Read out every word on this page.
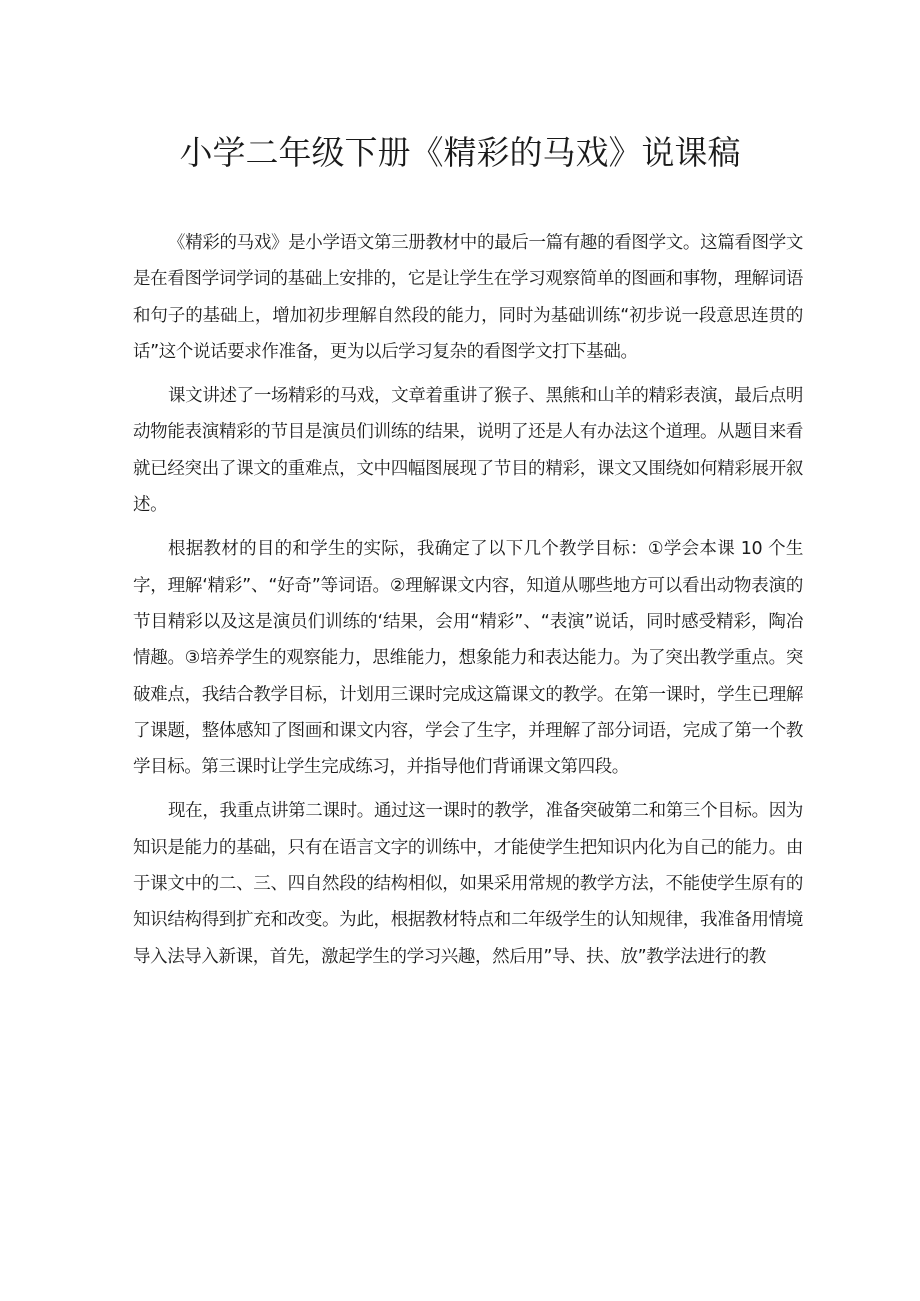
小学二年级下册《精彩的马戏》说课稿

《精彩的马戏》是小学语文第三册教材中的最后一篇有趣的看图学文。这篇看图学文是在看图学词学词的基础上安排的，它是让学生在学习观察简单的图画和事物，理解词语和句子的基础上，增加初步理解自然段的能力，同时为基础训练“初步说一段意思连贯的话”这个说话要求作准备，更为以后学习复杂的看图学文打下基础。

课文讲述了一场精彩的马戏，文章着重讲了猴子、黑熊和山羊的精彩表演，最后点明动物能表演精彩的节目是演员们训练的结果，说明了还是人有办法这个道理。从题目来看就已经突出了课文的重难点，文中四幅图展现了节目的精彩，课文又围绕如何精彩展开叙述。

根据教材的目的和学生的实际，我确定了以下几个教学目标：①学会本课 10 个生字，理解‘精彩”、“好奇”等词语。②理解课文内容，知道从哪些地方可以看出动物表演的节目精彩以及这是演员们训练的‘结果，会用“精彩”、“表演”说话，同时感受精彩，陶冶情趣。③培养学生的观察能力，思维能力，想象能力和表达能力。为了突出教学重点。突破难点，我结合教学目标，计划用三课时完成这篇课文的教学。在第一课时，学生已理解了课题，整体感知了图画和课文内容，学会了生字，并理解了部分词语，完成了第一个教学目标。第三课时让学生完成练习，并指导他们背诵课文第四段。

现在，我重点讲第二课时。通过这一课时的教学，准备突破第二和第三个目标。因为知识是能力的基础，只有在语言文字的训练中，才能使学生把知识内化为自己的能力。由于课文中的二、三、四自然段的结构相似，如果采用常规的教学方法，不能使学生原有的知识结构得到扩充和改变。为此，根据教材特点和二年级学生的认知规律，我准备用情境导入法导入新课，首先，激起学生的学习兴趣，然后用”导、扶、放”教学法进行的教
